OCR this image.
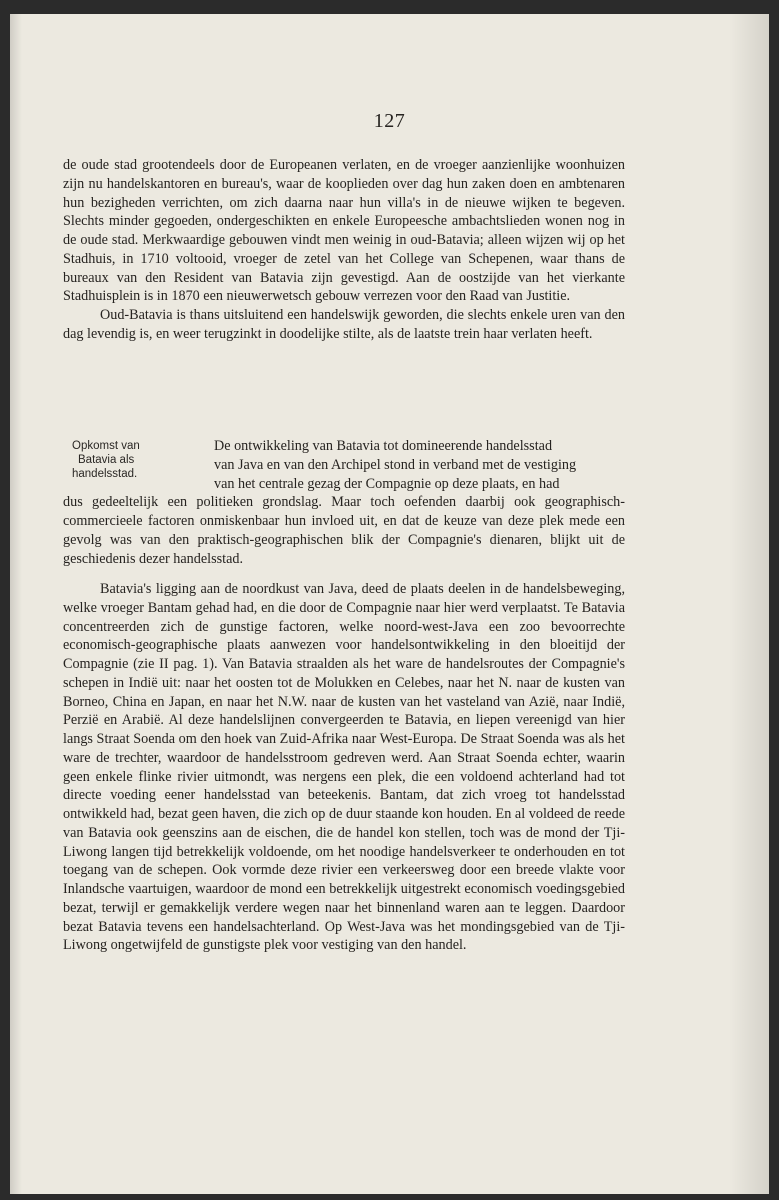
127

de oude stad grootendeels door de Europeanen verlaten, en de vroeger aanzienlijke woonhuizen zijn nu handelskantoren en bureau's, waar de kooplieden over dag hun zaken doen en ambtenaren hun bezigheden verrichten, om zich daarna naar hun villa's in de nieuwe wijken te begeven. Slechts minder gegoeden, ondergeschikten en enkele Europeesche ambachtslieden wonen nog in de oude stad. Merkwaardige gebouwen vindt men weinig in oud-Batavia; alleen wijzen wij op het Stadhuis, in 1710 voltooid, vroeger de zetel van het College van Schepenen, waar thans de bureaux van den Resident van Batavia zijn gevestigd. Aan de oostzijde van het vierkante Stadhuisplein is in 1870 een nieuwerwetsch gebouw verrezen voor den Raad van Justitie.

Oud-Batavia is thans uitsluitend een handelswijk geworden, die slechts enkele uren van den dag levendig is, en weer terugzinkt in doodelijke stilte, als de laatste trein haar verlaten heeft.

Opkomst van
Batavia als
handelsstad.
De ontwikkeling van Batavia tot domineerende handelsstad
van Java en van den Archipel stond in verband met de vestiging
van het centrale gezag der Compagnie op deze plaats, en had

dus gedeeltelijk een politieken grondslag. Maar toch oefenden daarbij ook geographisch-commercieele factoren onmiskenbaar hun invloed uit, en dat de keuze van deze plek mede een gevolg was van den praktisch-geographischen blik der Compagnie's dienaren, blijkt uit de geschiedenis dezer handelsstad.

Batavia's ligging aan de noordkust van Java, deed de plaats deelen in de handelsbeweging, welke vroeger Bantam gehad had, en die door de Compagnie naar hier werd verplaatst. Te Batavia concentreerden zich de gunstige factoren, welke noord-west-Java een zoo bevoorrechte economisch-geographische plaats aanwezen voor handelsontwikkeling in den bloeitijd der Compagnie (zie II pag. 1). Van Batavia straalden als het ware de handelsroutes der Compagnie's schepen in Indië uit: naar het oosten tot de Molukken en Celebes, naar het N. naar de kusten van Borneo, China en Japan, en naar het N.W. naar de kusten van het vasteland van Azië, naar Indië, Perzië en Arabië. Al deze handelslijnen convergeerden te Batavia, en liepen vereenigd van hier langs Straat Soenda om den hoek van Zuid-Afrika naar West-Europa. De Straat Soenda was als het ware de trechter, waardoor de handelsstroom gedreven werd. Aan Straat Soenda echter, waarin geen enkele flinke rivier uitmondt, was nergens een plek, die een voldoend achterland had tot directe voeding eener handelsstad van beteekenis. Bantam, dat zich vroeg tot handelsstad ontwikkeld had, bezat geen haven, die zich op de duur staande kon houden. En al voldeed de reede van Batavia ook geenszins aan de eischen, die de handel kon stellen, toch was de mond der Tji-Liwong langen tijd betrekkelijk voldoende, om het noodige handelsverkeer te onderhouden en tot toegang van de schepen. Ook vormde deze rivier een verkeersweg door een breede vlakte voor Inlandsche vaartuigen, waardoor de mond een betrekkelijk uitgestrekt economisch voedingsgebied bezat, terwijl er gemakkelijk verdere wegen naar het binnenland waren aan te leggen. Daardoor bezat Batavia tevens een handelsachterland. Op West-Java was het mondingsgebied van de Tji-Liwong ongetwijfeld de gunstigste plek voor vestiging van den handel.
